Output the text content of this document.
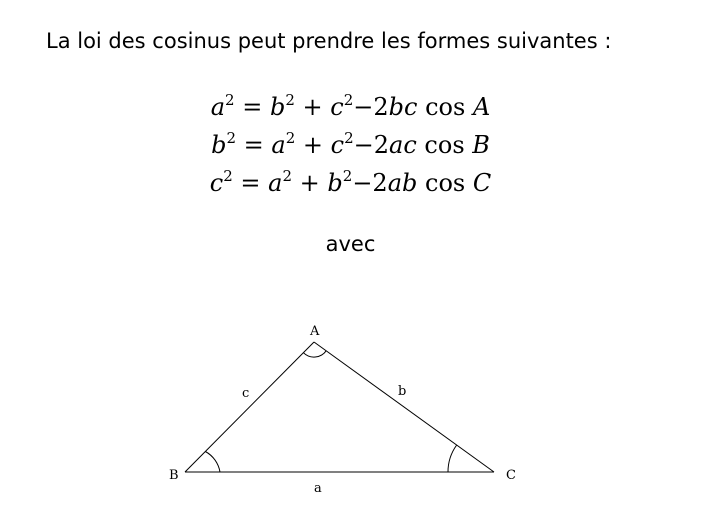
La loi des cosinus peut prendre les formes suivantes :
$a^2 = b^2 + c^2-2bc$ cos A
$b^2 = a^2 + c^2-2ac$ cos B
$c^2 = a^2 + b^2-2ab$ cos C
avec
A
B	C
c	b
a
